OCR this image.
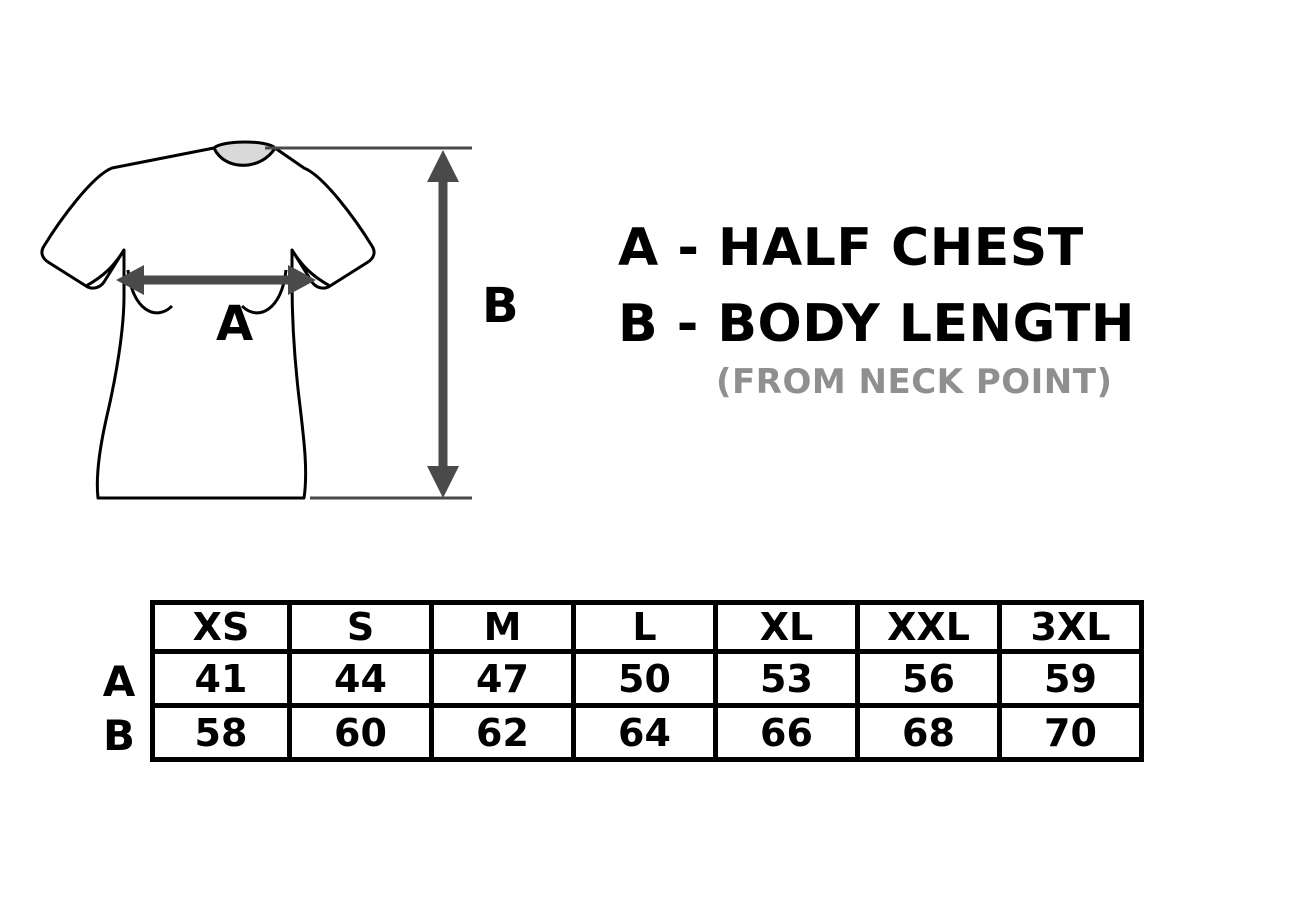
A	B
A - HALF CHEST
B - BODY LENGTH
(FROM NECK POINT)
	XS	S	M	L	XL	XXL	3XL
A	41	44	47	50	53	56	59
B	58	60	62	64	66	68	70
